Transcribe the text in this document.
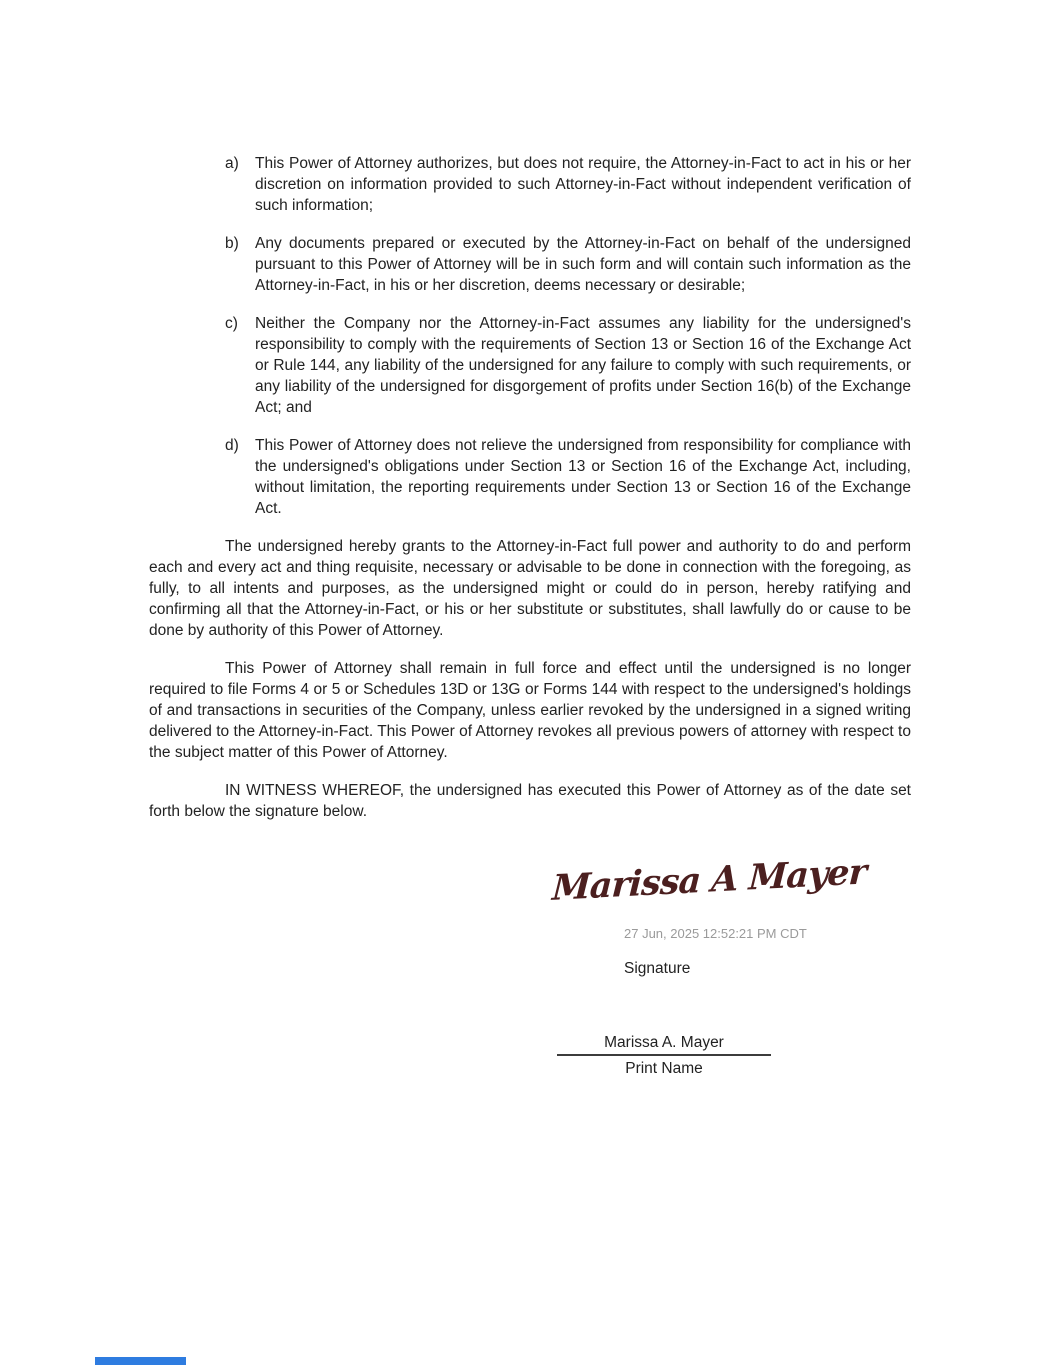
a) This Power of Attorney authorizes, but does not require, the Attorney-in-Fact to act in his or her discretion on information provided to such Attorney-in-Fact without independent verification of such information;
b) Any documents prepared or executed by the Attorney-in-Fact on behalf of the undersigned pursuant to this Power of Attorney will be in such form and will contain such information as the Attorney-in-Fact, in his or her discretion, deems necessary or desirable;
c) Neither the Company nor the Attorney-in-Fact assumes any liability for the undersigned's responsibility to comply with the requirements of Section 13 or Section 16 of the Exchange Act or Rule 144, any liability of the undersigned for any failure to comply with such requirements, or any liability of the undersigned for disgorgement of profits under Section 16(b) of the Exchange Act; and
d) This Power of Attorney does not relieve the undersigned from responsibility for compliance with the undersigned's obligations under Section 13 or Section 16 of the Exchange Act, including, without limitation, the reporting requirements under Section 13 or Section 16 of the Exchange Act.

The undersigned hereby grants to the Attorney-in-Fact full power and authority to do and perform each and every act and thing requisite, necessary or advisable to be done in connection with the foregoing, as fully, to all intents and purposes, as the undersigned might or could do in person, hereby ratifying and confirming all that the Attorney-in-Fact, or his or her substitute or substitutes, shall lawfully do or cause to be done by authority of this Power of Attorney.

This Power of Attorney shall remain in full force and effect until the undersigned is no longer required to file Forms 4 or 5 or Schedules 13D or 13G or Forms 144 with respect to the undersigned's holdings of and transactions in securities of the Company, unless earlier revoked by the undersigned in a signed writing delivered to the Attorney-in-Fact. This Power of Attorney revokes all previous powers of attorney with respect to the subject matter of this Power of Attorney.

IN WITNESS WHEREOF, the undersigned has executed this Power of Attorney as of the date set forth below the signature below.

Marissa A Mayer
27 Jun, 2025 12:52:21 PM CDT
Signature
Marissa A. Mayer
Print Name
